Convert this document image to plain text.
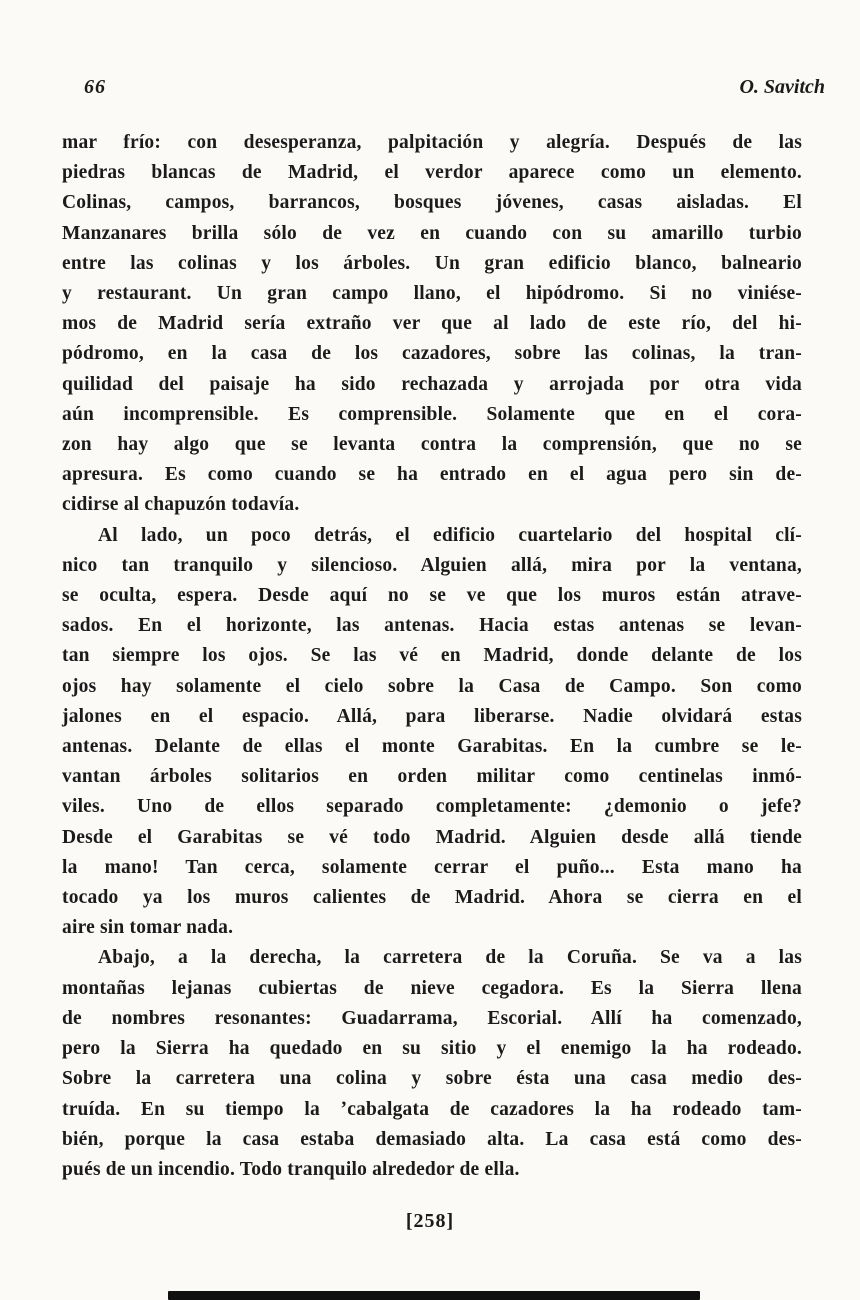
66	O. Savitch
mar frío: con desesperanza, palpitación y alegría. Después de las
piedras blancas de Madrid, el verdor aparece como un elemento.
Colinas, campos, barrancos, bosques jóvenes, casas aisladas. El
Manzanares brilla sólo de vez en cuando con su amarillo turbio
entre las colinas y los árboles. Un gran edificio blanco, balneario
y restaurant. Un gran campo llano, el hipódromo. Si no viniése-
mos de Madrid sería extraño ver que al lado de este río, del hi-
pódromo, en la casa de los cazadores, sobre las colinas, la tran-
quilidad del paisaje ha sido rechazada y arrojada por otra vida
aún incomprensible. Es comprensible. Solamente que en el cora-
zon hay algo que se levanta contra la comprensión, que no se
apresura. Es como cuando se ha entrado en el agua pero sin de-
cidirse al chapuzón todavía.
Al lado, un poco detrás, el edificio cuartelario del hospital clí-
nico tan tranquilo y silencioso. Alguien allá, mira por la ventana,
se oculta, espera. Desde aquí no se ve que los muros están atrave-
sados. En el horizonte, las antenas. Hacia estas antenas se levan-
tan siempre los ojos. Se las vé en Madrid, donde delante de los
ojos hay solamente el cielo sobre la Casa de Campo. Son como
jalones en el espacio. Allá, para liberarse. Nadie olvidará estas
antenas. Delante de ellas el monte Garabitas. En la cumbre se le-
vantan árboles solitarios en orden militar como centinelas inmó-
viles. Uno de ellos separado completamente: ¿demonio o jefe?
Desde el Garabitas se vé todo Madrid. Alguien desde allá tiende
la mano! Tan cerca, solamente cerrar el puño... Esta mano ha
tocado ya los muros calientes de Madrid. Ahora se cierra en el
aire sin tomar nada.
Abajo, a la derecha, la carretera de la Coruña. Se va a las
montañas lejanas cubiertas de nieve cegadora. Es la Sierra llena
de nombres resonantes: Guadarrama, Escorial. Allí ha comenzado,
pero la Sierra ha quedado en su sitio y el enemigo la ha rodeado.
Sobre la carretera una colina y sobre ésta una casa medio des-
truída. En su tiempo la ʼcabalgata de cazadores la ha rodeado tam-
bién, porque la casa estaba demasiado alta. La casa está como des-
pués de un incendio. Todo tranquilo alrededor de ella.
[258]
